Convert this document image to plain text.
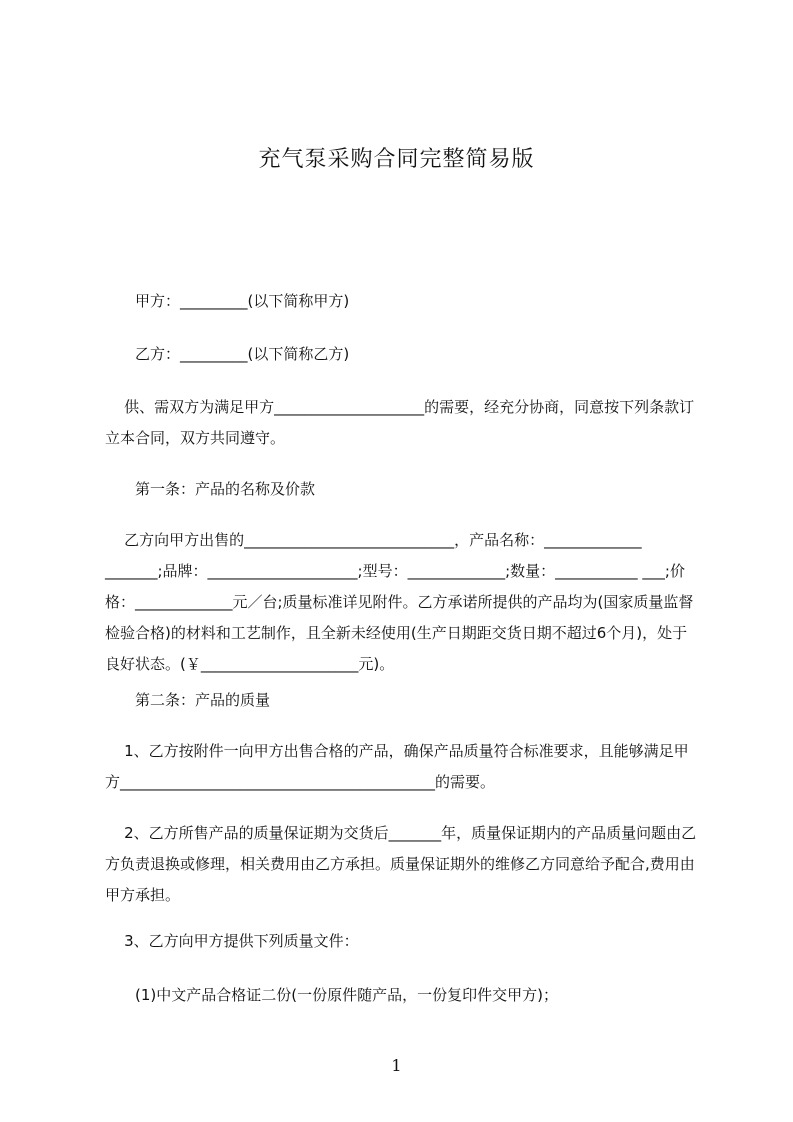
充气泵采购合同完整简易版

甲方：_________(以下简称甲方)

乙方：_________(以下简称乙方)

供、需双方为满足甲方____________________的需要，经充分协商，同意按下列条款订立本合同，双方共同遵守。

第一条：产品的名称及价款

乙方向甲方出售的____________________________，产品名称：_____________ _______;品牌：____________________;型号：_____________;数量：___________ ___;价格：_____________元／台;质量标准详见附件。乙方承诺所提供的产品均为(国家质量监督检验合格)的材料和工艺制作，且全新未经使用(生产日期距交货日期不超过6个月)，处于良好状态。(￥_____________________元)。

第二条：产品的质量

1、乙方按附件一向甲方出售合格的产品，确保产品质量符合标准要求，且能够满足甲方__________________________________________的需要。

2、乙方所售产品的质量保证期为交货后_______年，质量保证期内的产品质量问题由乙方负责退换或修理，相关费用由乙方承担。质量保证期外的维修乙方同意给予配合,费用由甲方承担。

3、乙方向甲方提供下列质量文件：

(1)中文产品合格证二份(一份原件随产品，一份复印件交甲方)；

1
